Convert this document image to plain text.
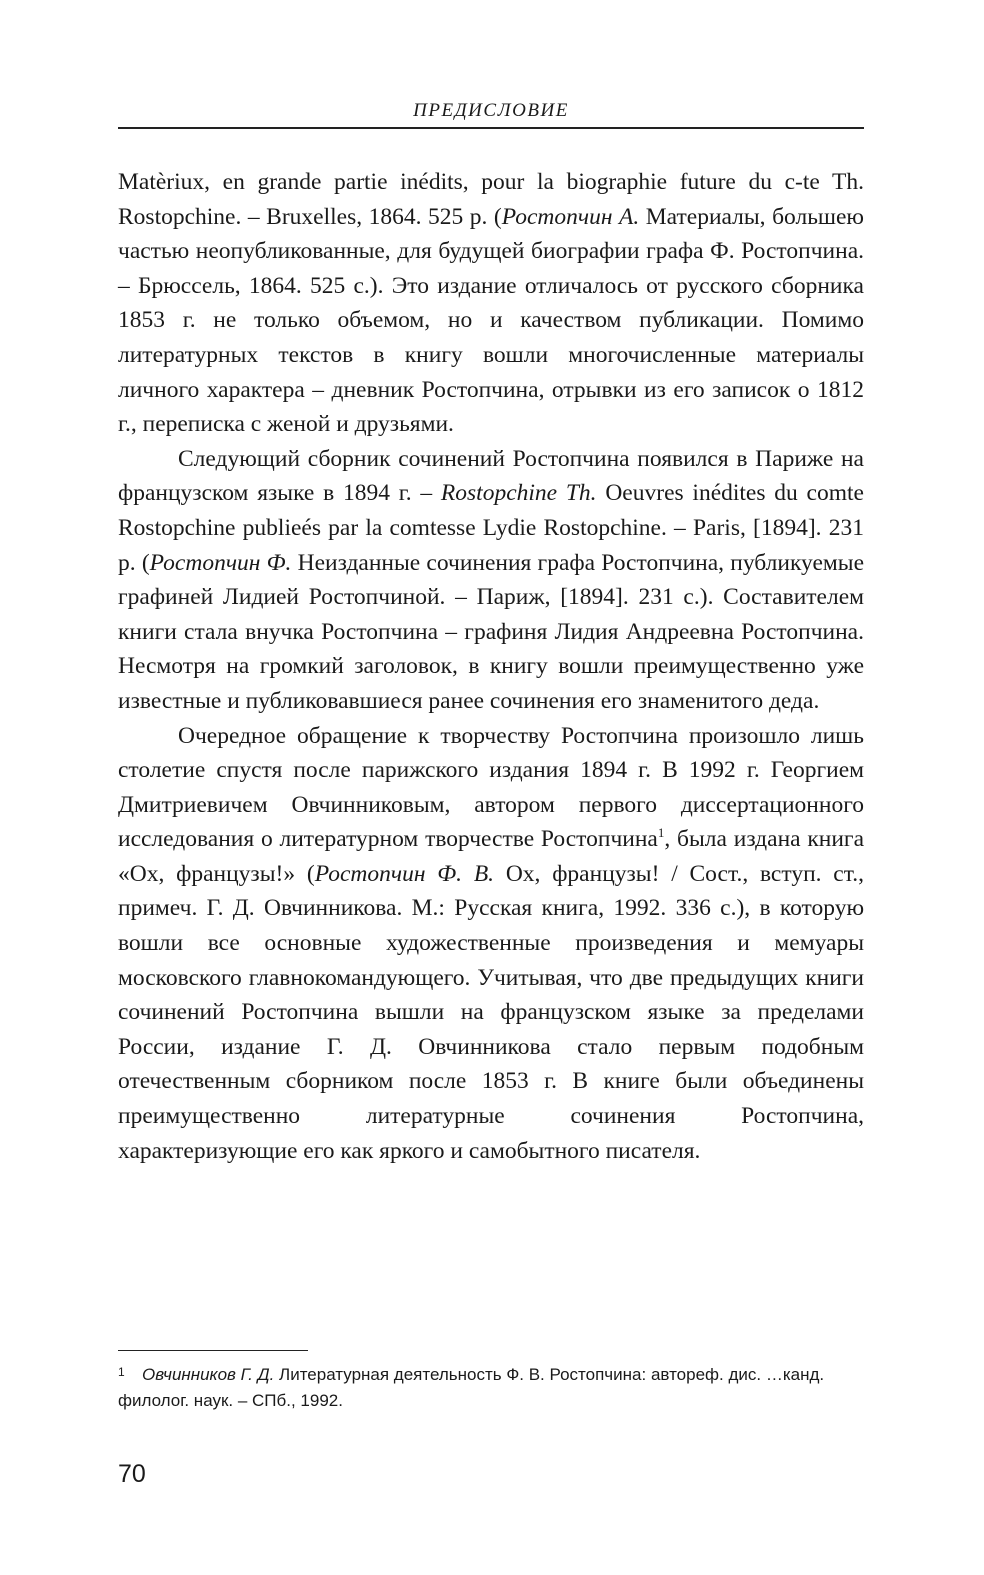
ПРЕДИСЛОВИЕ

Matèriux, en grande partie inédits, pour la biographie future du c-te Th. Rostopchine. – Bruxelles, 1864. 525 p. (Ростопчин А. Материалы, большею частью неопубликованные, для будущей биографии графа Ф. Ростопчина. – Брюссель, 1864. 525 с.). Это издание отличалось от русского сборника 1853 г. не только объемом, но и качеством публикации. Помимо литературных текстов в книгу вошли многочисленные материалы личного характера – дневник Ростопчина, отрывки из его записок о 1812 г., переписка с женой и друзьями.

Следующий сборник сочинений Ростопчина появился в Париже на французском языке в 1894 г. – Rostopchine Th. Oeuvres inédites du comte Rostopchine publieés par la comtesse Lydie Rostopchine. – Paris, [1894]. 231 p. (Ростопчин Ф. Неизданные сочинения графа Ростопчина, публикуемые графиней Лидией Ростопчиной. – Париж, [1894]. 231 с.). Составителем книги стала внучка Ростопчина – графиня Лидия Андреевна Ростопчина. Несмотря на громкий заголовок, в книгу вошли преимущественно уже известные и публиковавшиеся ранее сочинения его знаменитого деда.

Очередное обращение к творчеству Ростопчина произошло лишь столетие спустя после парижского издания 1894 г. В 1992 г. Георгием Дмитриевичем Овчинниковым, автором первого диссертационного исследования о литературном творчестве Ростопчина$^1$, была издана книга «Ох, французы!» (Ростопчин Ф. В. Ох, французы! / Сост., вступ. ст., примеч. Г. Д. Овчинникова. М.: Русская книга, 1992. 336 с.), в которую вошли все основные художественные произведения и мемуары московского главнокомандующего. Учитывая, что две предыдущих книги сочинений Ростопчина вышли на французском языке за пределами России, издание Г. Д. Овчинникова стало первым подобным отечественным сборником после 1853 г. В книге были объединены преимущественно литературные сочинения Ростопчина, характеризующие его как яркого и самобытного писателя.

1 Овчинников Г. Д. Литературная деятельность Ф. В. Ростопчина: автореф. дис. …канд. филолог. наук. – СПб., 1992.
70
